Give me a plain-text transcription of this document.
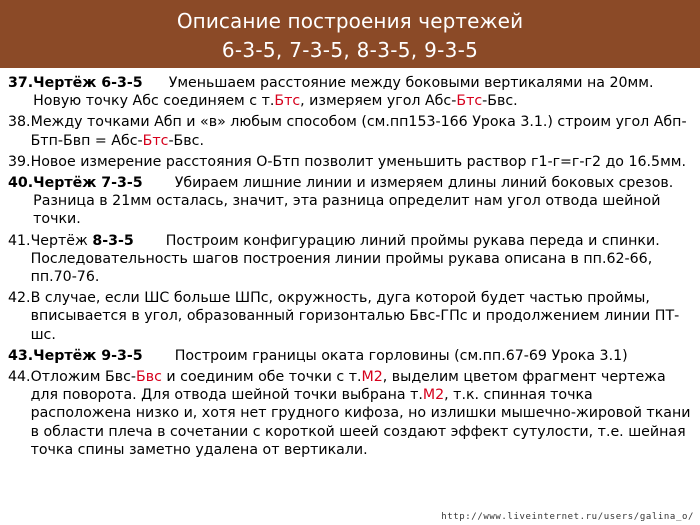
Описание построения чертежей
6-3-5, 7-3-5, 8-3-5, 9-3-5
37. Чертёж 6-3-5 Уменьшаем расстояние между боковыми вертикалями на 20мм. Новую точку Абс соединяем с т.Бтс, измеряем угол Абс-Бтс-Бвс.
38. Между точками Абп и «в» любым способом (см.пп153-166 Урока 3.1.) строим угол Абп-Бтп-Бвп = Абс-Бтс-Бвс.
39. Новое измерение расстояния О-Бтп позволит уменьшить раствор г1-г=г-г2 до 16.5мм.
40. Чертёж 7-3-5 Убираем лишние линии и измеряем длины линий боковых срезов. Разница в 21мм осталась, значит, эта разница определит нам угол отвода шейной точки.
41. Чертёж 8-3-5 Построим конфигурацию линий проймы рукава переда и спинки. Последовательность шагов построения линии проймы рукава описана в пп.62-66, пп.70-76.
42. В случае, если ШС больше ШПс, окружность, дуга которой будет частью проймы, вписывается в угол, образованный горизонталью Бвс-ГПс и продолжением линии ПТ-шс.
43. Чертёж 9-3-5 Построим границы оката горловины (см.пп.67-69 Урока 3.1)
44. Отложим Бвс-Бвс и соединим обе точки с т.М2, выделим цветом фрагмент чертежа для поворота. Для отвода шейной точки выбрана т.М2, т.к. спинная точка расположена низко и, хотя нет грудного кифоза, но излишки мышечно-жировой ткани в области плеча в сочетании с короткой шеей создают эффект сутулости, т.е. шейная точка спины заметно удалена от вертикали.
http://www.liveinternet.ru/users/galina_o/
